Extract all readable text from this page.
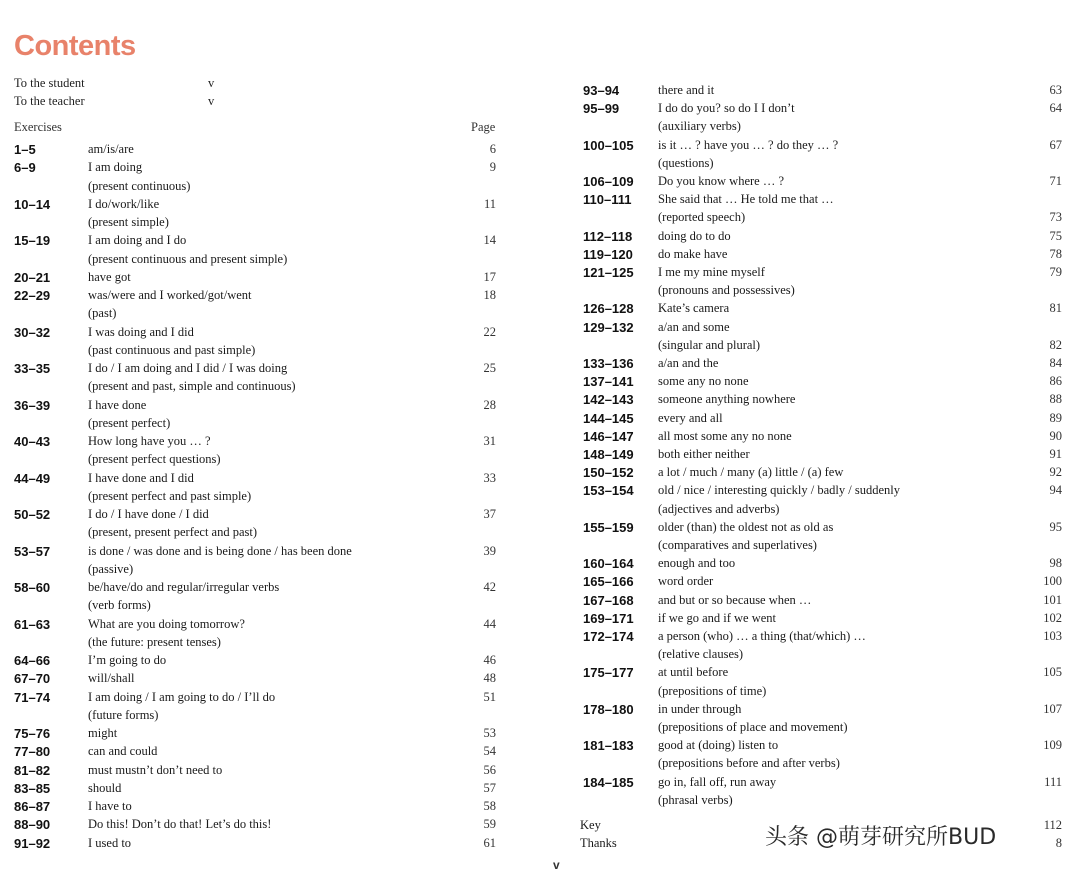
Contents
To the student	v
To the teacher	v
Exercises	Page
1–5	am/is/are	6
6–9	I am doing	9
(present continuous)
10–14	I do/work/like	11
(present simple)
15–19	I am doing and I do	14
(present continuous and present simple)
20–21	have got	17
22–29	was/were and I worked/got/went	18
(past)
30–32	I was doing and I did	22
(past continuous and past simple)
33–35	I do / I am doing and I did / I was doing	25
(present and past, simple and continuous)
36–39	I have done	28
(present perfect)
40–43	How long have you … ?	31
(present perfect questions)
44–49	I have done and I did	33
(present perfect and past simple)
50–52	I do / I have done / I did	37
(present, present perfect and past)
53–57	is done / was done and is being done / has been done	39
(passive)
58–60	be/have/do and regular/irregular verbs	42
(verb forms)
61–63	What are you doing tomorrow?	44
(the future: present tenses)
64–66	I’m going to do	46
67–70	will/shall	48
71–74	I am doing / I am going to do / I’ll do	51
(future forms)
75–76	might	53
77–80	can and could	54
81–82	must mustn’t don’t need to	56
83–85	should	57
86–87	I have to	58
88–90	Do this! Don’t do that! Let’s do this!	59
91–92	I used to	61
93–94	there and it	63
95–99	I do do you? so do I I don’t	64
(auxiliary verbs)
100–105 is it … ? have you … ? do they … ?	67
(questions)
106–109 Do you know where … ?	71
110–111 She said that … He told me that …
(reported speech)	73
112–118 doing do to do	75
119–120 do make have	78
121–125 I me my mine myself	79
(pronouns and possessives)
126–128 Kate’s camera	81
129–132 a/an and some
(singular and plural)	82
133–136 a/an and the	84
137–141 some any no none	86
142–143 someone anything nowhere	88
144–145 every and all	89
146–147 all most some any no none	90
148–149 both either neither	91
150–152 a lot / much / many (a) little / (a) few	92
153–154 old / nice / interesting quickly / badly / suddenly	94
(adjectives and adverbs)
155–159 older (than) the oldest not as old as	95
(comparatives and superlatives)
160–164 enough and too	98
165–166 word order	100
167–168 and but or so because when …	101
169–171 if we go and if we went	102
172–174 a person (who) … a thing (that/which) …	103
(relative clauses)
175–177 at until before	105
(prepositions of time)
178–180 in under through	107
(prepositions of place and movement)
181–183 good at (doing) listen to	109
(prepositions before and after verbs)
184–185 go in, fall off, run away	111
(phrasal verbs)
Key	112
Thanks	8
v
头条 @萌芽研究所BUD
